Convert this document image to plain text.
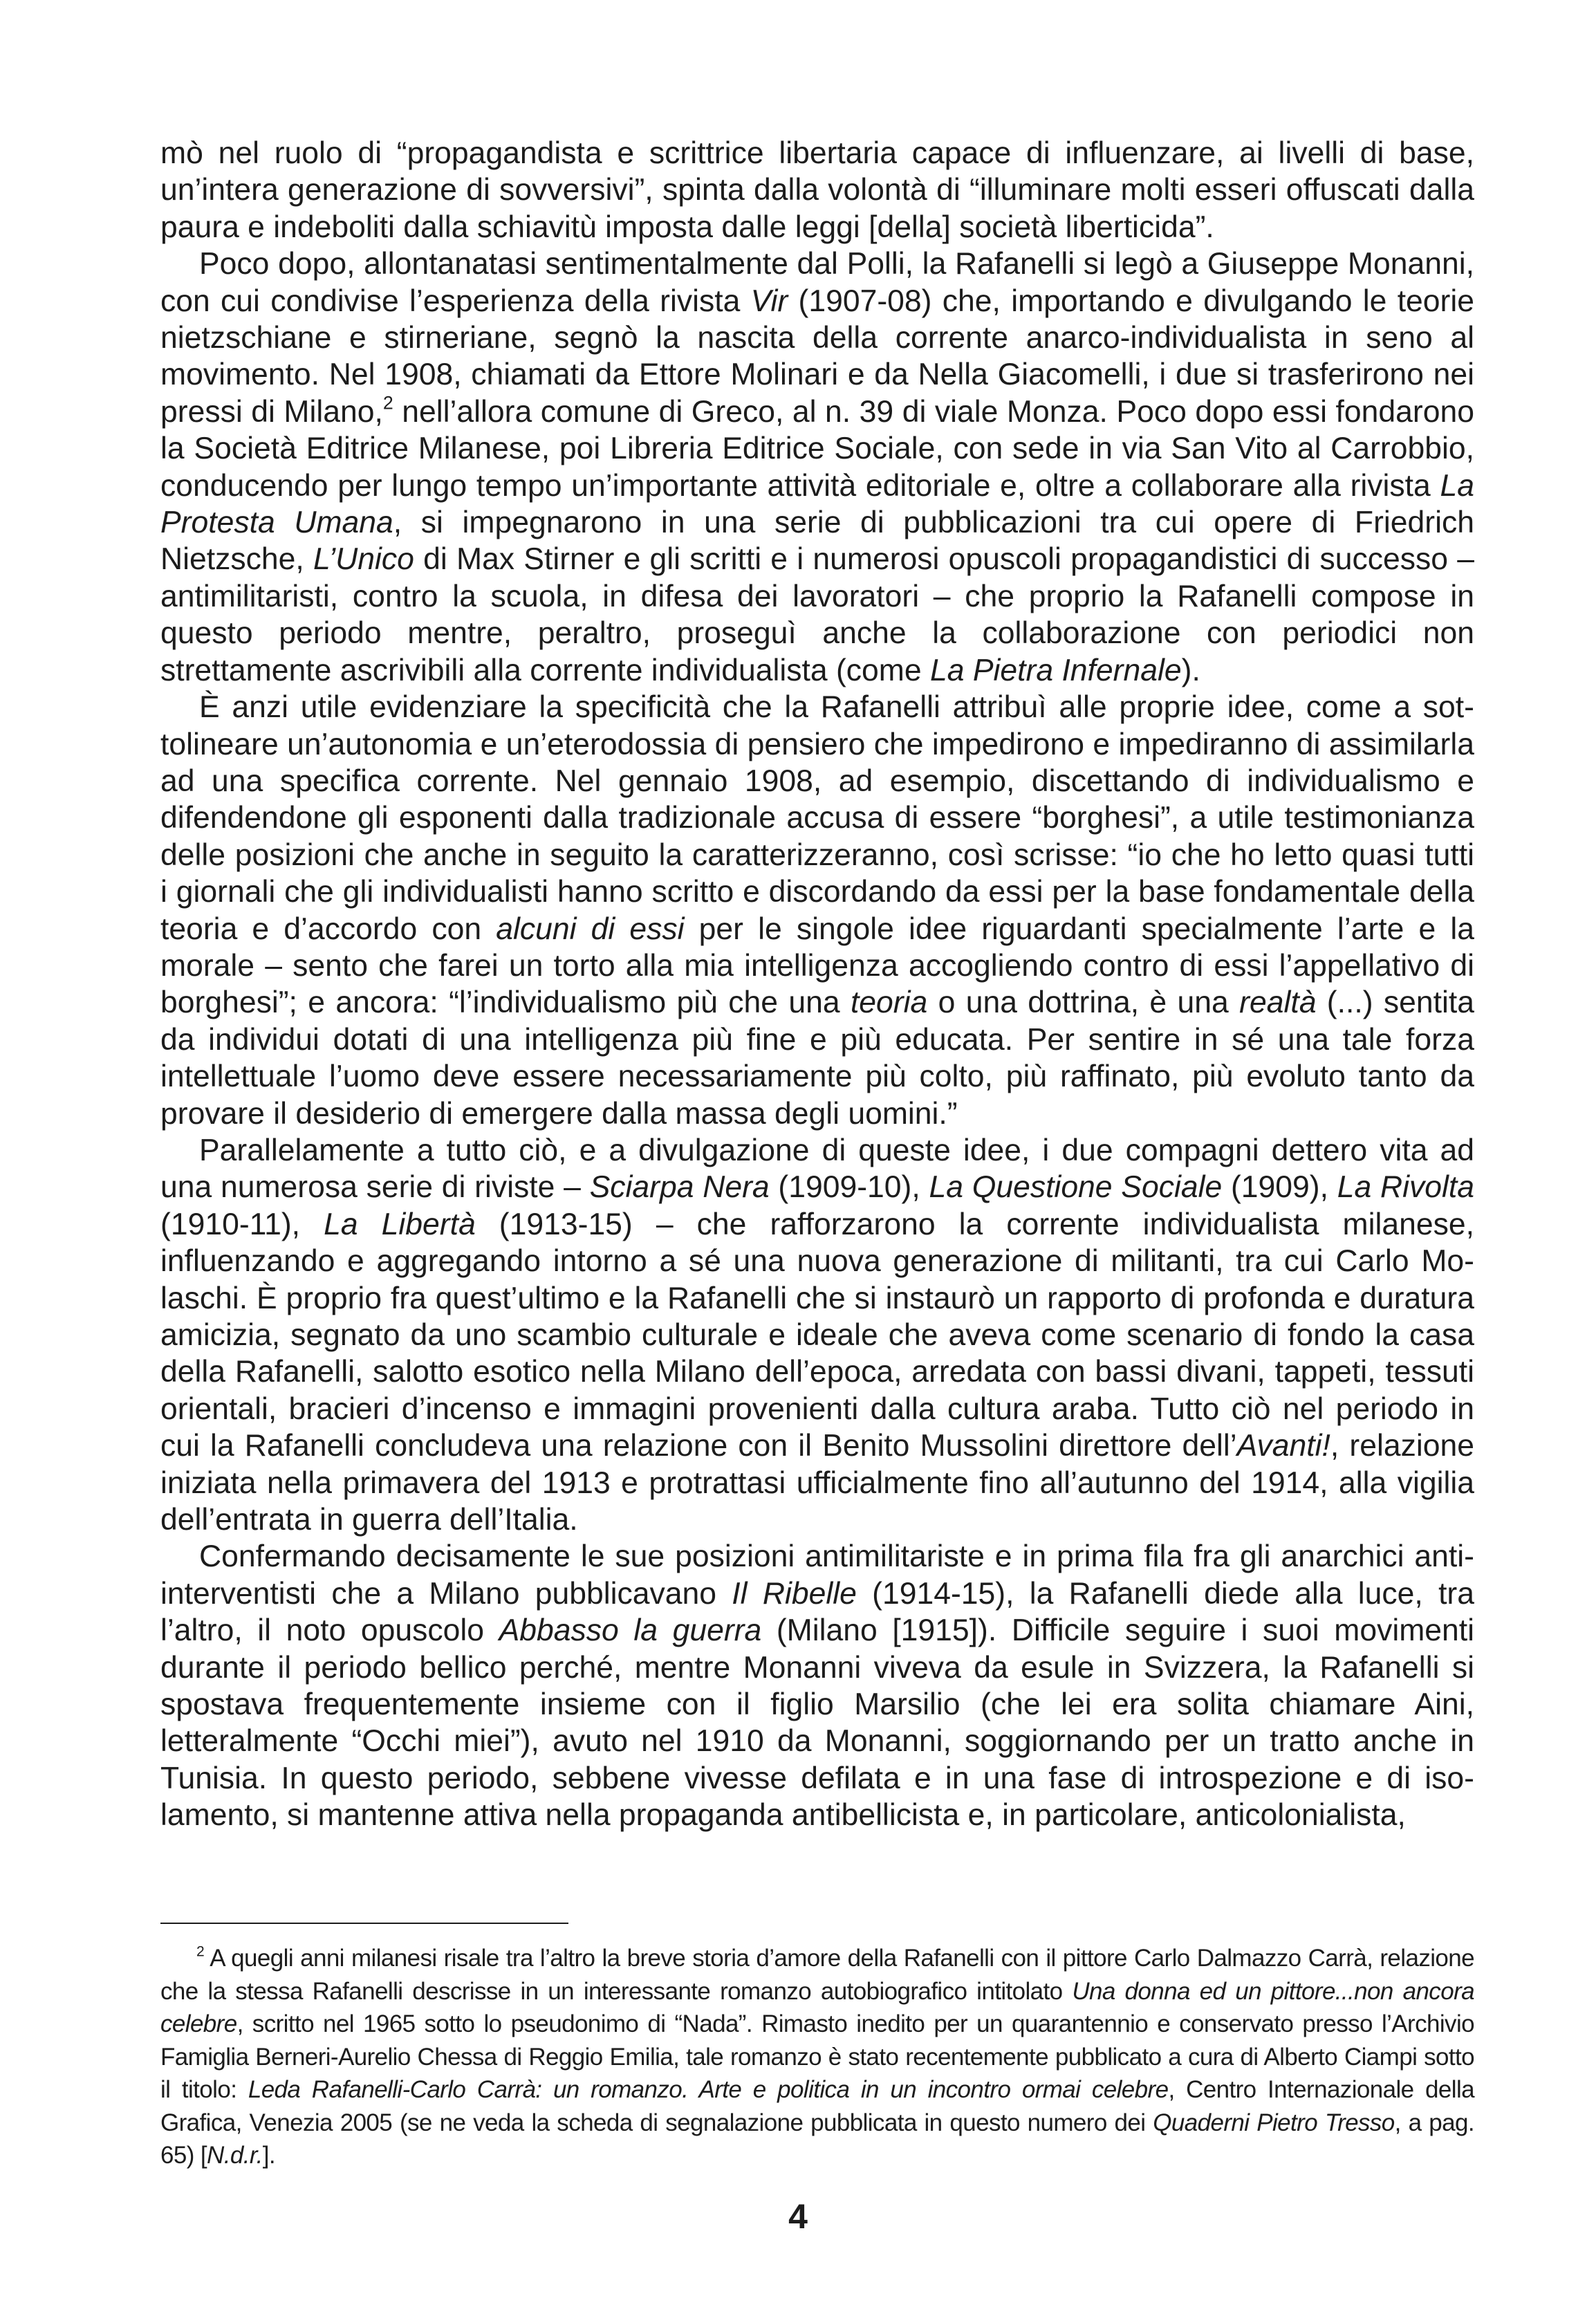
mò nel ruolo di “propagandista e scrittrice libertaria capace di influenzare, ai livelli di base, un’intera generazione di sovversivi”, spinta dalla volontà di “illuminare molti esseri offuscati dalla paura e indeboliti dalla schiavitù imposta dalle leggi [della] società liberticida”.

Poco dopo, allontanatasi sentimentalmente dal Polli, la Rafanelli si legò a Giuseppe Monanni, con cui condivise l’esperienza della rivista Vir (1907-08) che, importando e divulgando le teorie nietzschiane e stirneriane, segnò la nascita della corrente anarco-individualista in seno al movimento. Nel 1908, chiamati da Ettore Molinari e da Nella Giacomelli, i due si trasferirono nei pressi di Milano,$^2$ nell’allora comune di Greco, al n. 39 di viale Monza. Poco dopo essi fondarono la Società Editrice Milanese, poi Libreria Editrice Sociale, con sede in via San Vito al Carrobbio, conducendo per lungo tempo un’importante attività editoriale e, oltre a collaborare alla rivista La Protesta Umana, si impegnarono in una serie di pubblicazioni tra cui opere di Friedrich Nietzsche, L’Unico di Max Stirner e gli scritti e i numerosi opuscoli propagandistici di successo – antimilitaristi, contro la scuola, in difesa dei lavoratori – che proprio la Rafanelli compose in questo periodo mentre, peraltro, proseguì anche la collaborazione con periodici non strettamente ascrivibili alla corrente individualista (come La Pietra Infernale).

È anzi utile evidenziare la specificità che la Rafanelli attribuì alle proprie idee, come a sottolineare un’autonomia e un’eterodossia di pensiero che impedirono e impediranno di assimilarla ad una specifica corrente. Nel gennaio 1908, ad esempio, discettando di individualismo e difendendone gli esponenti dalla tradizionale accusa di essere “borghesi”, a utile testimonianza delle posizioni che anche in seguito la caratterizzeranno, così scrisse: “io che ho letto quasi tutti i giornali che gli individualisti hanno scritto e discordando da essi per la base fondamentale della teoria e d’accordo con alcuni di essi per le singole idee riguardanti specialmente l’arte e la morale – sento che farei un torto alla mia intelligenza accogliendo contro di essi l’appellativo di borghesi”; e ancora: “l’individualismo più che una teoria o una dottrina, è una realtà (...) sentita da individui dotati di una intelligenza più fine e più educata. Per sentire in sé una tale forza intellettuale l’uomo deve essere necessariamente più colto, più raffinato, più evoluto tanto da provare il desiderio di emergere dalla massa degli uomini.”

Parallelamente a tutto ciò, e a divulgazione di queste idee, i due compagni dettero vita ad una numerosa serie di riviste – Sciarpa Nera (1909-10), La Questione Sociale (1909), La Rivolta (1910-11), La Libertà (1913-15) – che rafforzarono la corrente individualista milanese, influenzando e aggregando intorno a sé una nuova generazione di militanti, tra cui Carlo Molaschi. È proprio fra quest’ultimo e la Rafanelli che si instaurò un rapporto di profonda e duratura amicizia, segnato da uno scambio culturale e ideale che aveva come scenario di fondo la casa della Rafanelli, salotto esotico nella Milano dell’epoca, arredata con bassi divani, tappeti, tessuti orientali, bracieri d’incenso e immagini provenienti dalla cultura araba. Tutto ciò nel periodo in cui la Rafanelli concludeva una relazione con il Benito Mussolini direttore dell’Avanti!, relazione iniziata nella primavera del 1913 e protrattasi ufficialmente fino all’autunno del 1914, alla vigilia dell’entrata in guerra dell’Italia.

Confermando decisamente le sue posizioni antimilitariste e in prima fila fra gli anarchici anti-interventisti che a Milano pubblicavano Il Ribelle (1914-15), la Rafanelli diede alla luce, tra l’altro, il noto opuscolo Abbasso la guerra (Milano [1915]). Difficile seguire i suoi movimenti durante il periodo bellico perché, mentre Monanni viveva da esule in Svizzera, la Rafanelli si spostava frequentemente insieme con il figlio Marsilio (che lei era solita chiamare Aini, letteralmente “Occhi miei”), avuto nel 1910 da Monanni, soggiornando per un tratto anche in Tunisia. In questo periodo, sebbene vivesse defilata e in una fase di introspezione e di isolamento, si mantenne attiva nella propaganda antibellicista e, in particolare, anticolonialista,

$^2$ A quegli anni milanesi risale tra l’altro la breve storia d’amore della Rafanelli con il pittore Carlo Dalmazzo Carrà, relazione che la stessa Rafanelli descrisse in un interessante romanzo autobiografico intitolato Una donna ed un pittore...non ancora celebre, scritto nel 1965 sotto lo pseudonimo di “Nada”. Rimasto inedito per un quarantennio e conservato presso l’Archivio Famiglia Berneri-Aurelio Chessa di Reggio Emilia, tale romanzo è stato recentemente pubblicato a cura di Alberto Ciampi sotto il titolo: Leda Rafanelli-Carlo Carrà: un romanzo. Arte e politica in un incontro ormai celebre, Centro Internazionale della Grafica, Venezia 2005 (se ne veda la scheda di segnalazione pubblicata in questo numero dei Quaderni Pietro Tresso, a pag. 65) [N.d.r.].
4
